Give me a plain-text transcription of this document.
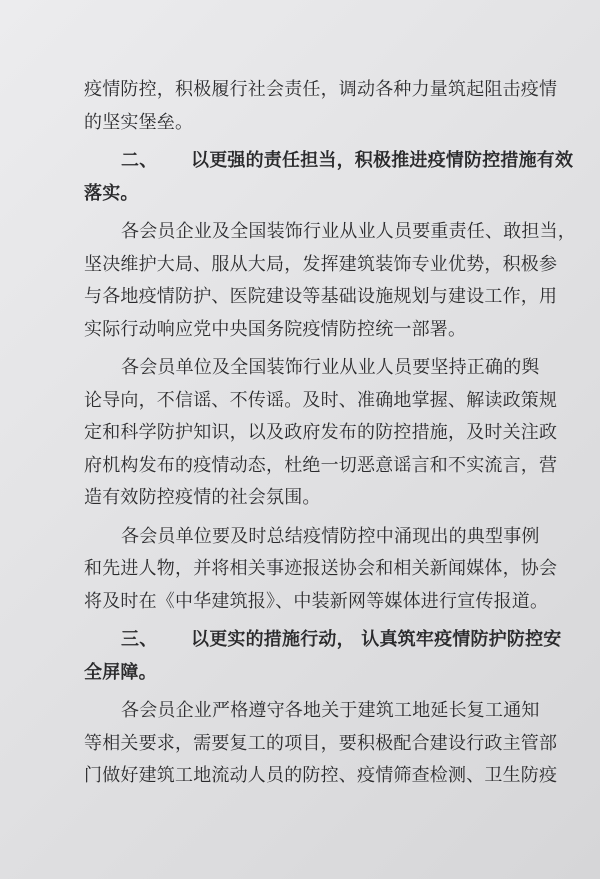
疫情防控，积极履行社会责任，调动各种力量筑起阻击疫情
的坚实堡垒。
二、 以更强的责任担当，积极推进疫情防控措施有效
落实。
各会员企业及全国装饰行业从业人员要重责任、敢担当，
坚决维护大局、服从大局，发挥建筑装饰专业优势，积极参
与各地疫情防护、医院建设等基础设施规划与建设工作，用
实际行动响应党中央国务院疫情防控统一部署。
各会员单位及全国装饰行业从业人员要坚持正确的舆
论导向，不信谣、不传谣。及时、准确地掌握、解读政策规
定和科学防护知识，以及政府发布的防控措施，及时关注政
府机构发布的疫情动态，杜绝一切恶意谣言和不实流言，营
造有效防控疫情的社会氛围。
各会员单位要及时总结疫情防控中涌现出的典型事例
和先进人物，并将相关事迹报送协会和相关新闻媒体，协会
将及时在《中华建筑报》、中装新网等媒体进行宣传报道。
三、 以更实的措施行动， 认真筑牢疫情防护防控安
全屏障。
各会员企业严格遵守各地关于建筑工地延长复工通知
等相关要求，需要复工的项目，要积极配合建设行政主管部
门做好建筑工地流动人员的防控、疫情筛查检测、卫生防疫
